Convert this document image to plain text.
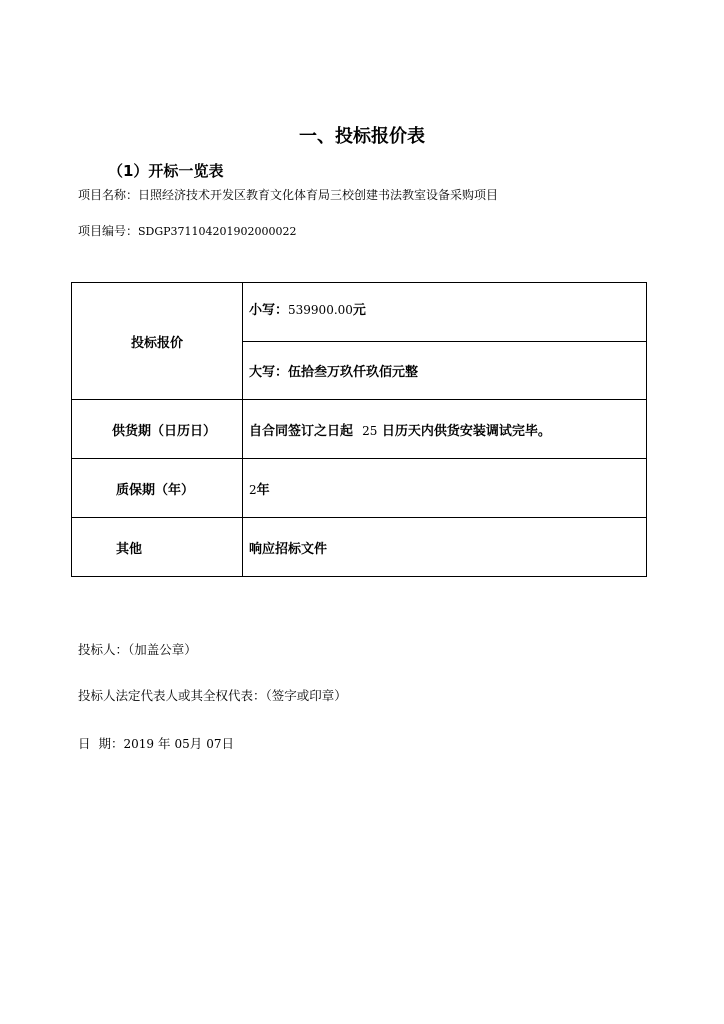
一、投标报价表
（1）开标一览表
项目名称：日照经济技术开发区教育文化体育局三校创建书法教室设备采购项目
项目编号：SDGP371104201902000022
投标报价	小写：539900.00元
	大写：伍拾叁万玖仟玖佰元整
供货期（日历日）	自合同签订之日起 25 日历天内供货安装调试完毕。
质保期（年）	2年
其他	响应招标文件
投标人：（加盖公章）
投标人法定代表人或其全权代表：（签字或印章）
日  期：2019 年 05月 07日
